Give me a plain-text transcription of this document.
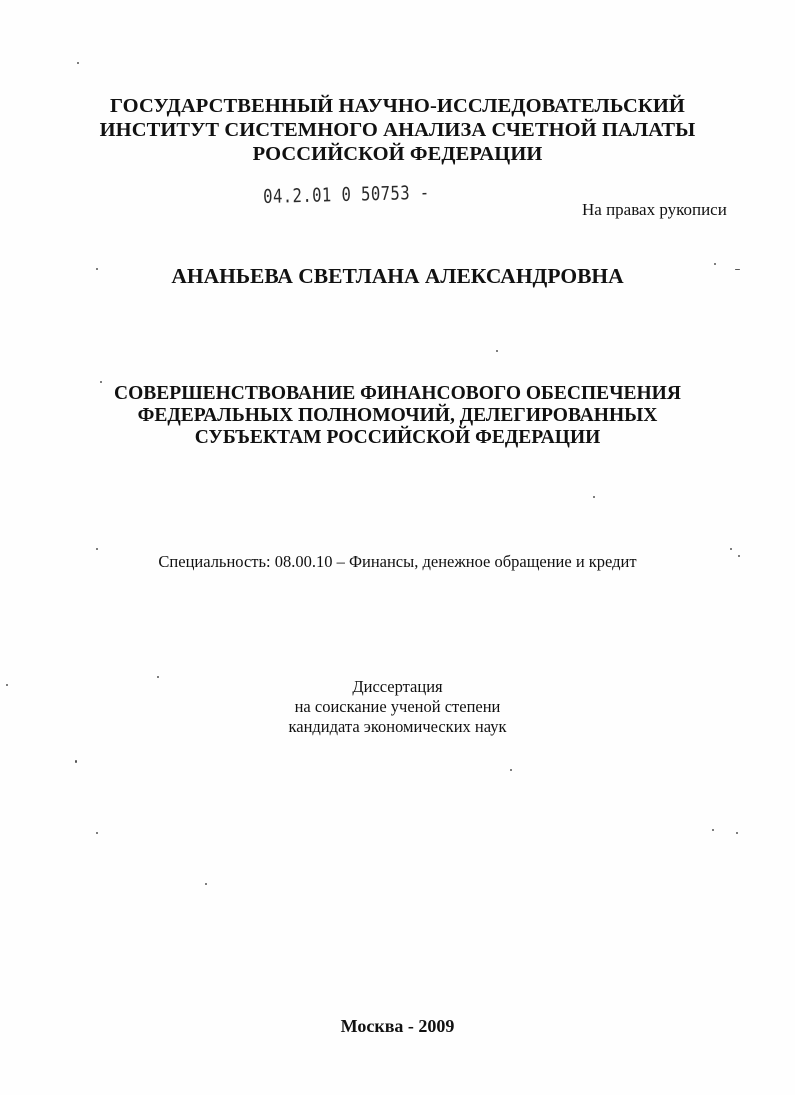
ГОСУДАРСТВЕННЫЙ НАУЧНО-ИССЛЕДОВАТЕЛЬСКИЙ
ИНСТИТУТ СИСТЕМНОГО АНАЛИЗА СЧЕТНОЙ ПАЛАТЫ
РОССИЙСКОЙ ФЕДЕРАЦИИ
04.2.01 0 50753 -
На правах рукописи
АНАНЬЕВА СВЕТЛАНА АЛЕКСАНДРОВНА
СОВЕРШЕНСТВОВАНИЕ ФИНАНСОВОГО ОБЕСПЕЧЕНИЯ
ФЕДЕРАЛЬНЫХ ПОЛНОМОЧИЙ, ДЕЛЕГИРОВАННЫХ
СУБЪЕКТАМ РОССИЙСКОЙ ФЕДЕРАЦИИ
Специальность: 08.00.10 – Финансы, денежное обращение и кредит
Диссертация
на соискание ученой степени
кандидата экономических наук
Москва - 2009
